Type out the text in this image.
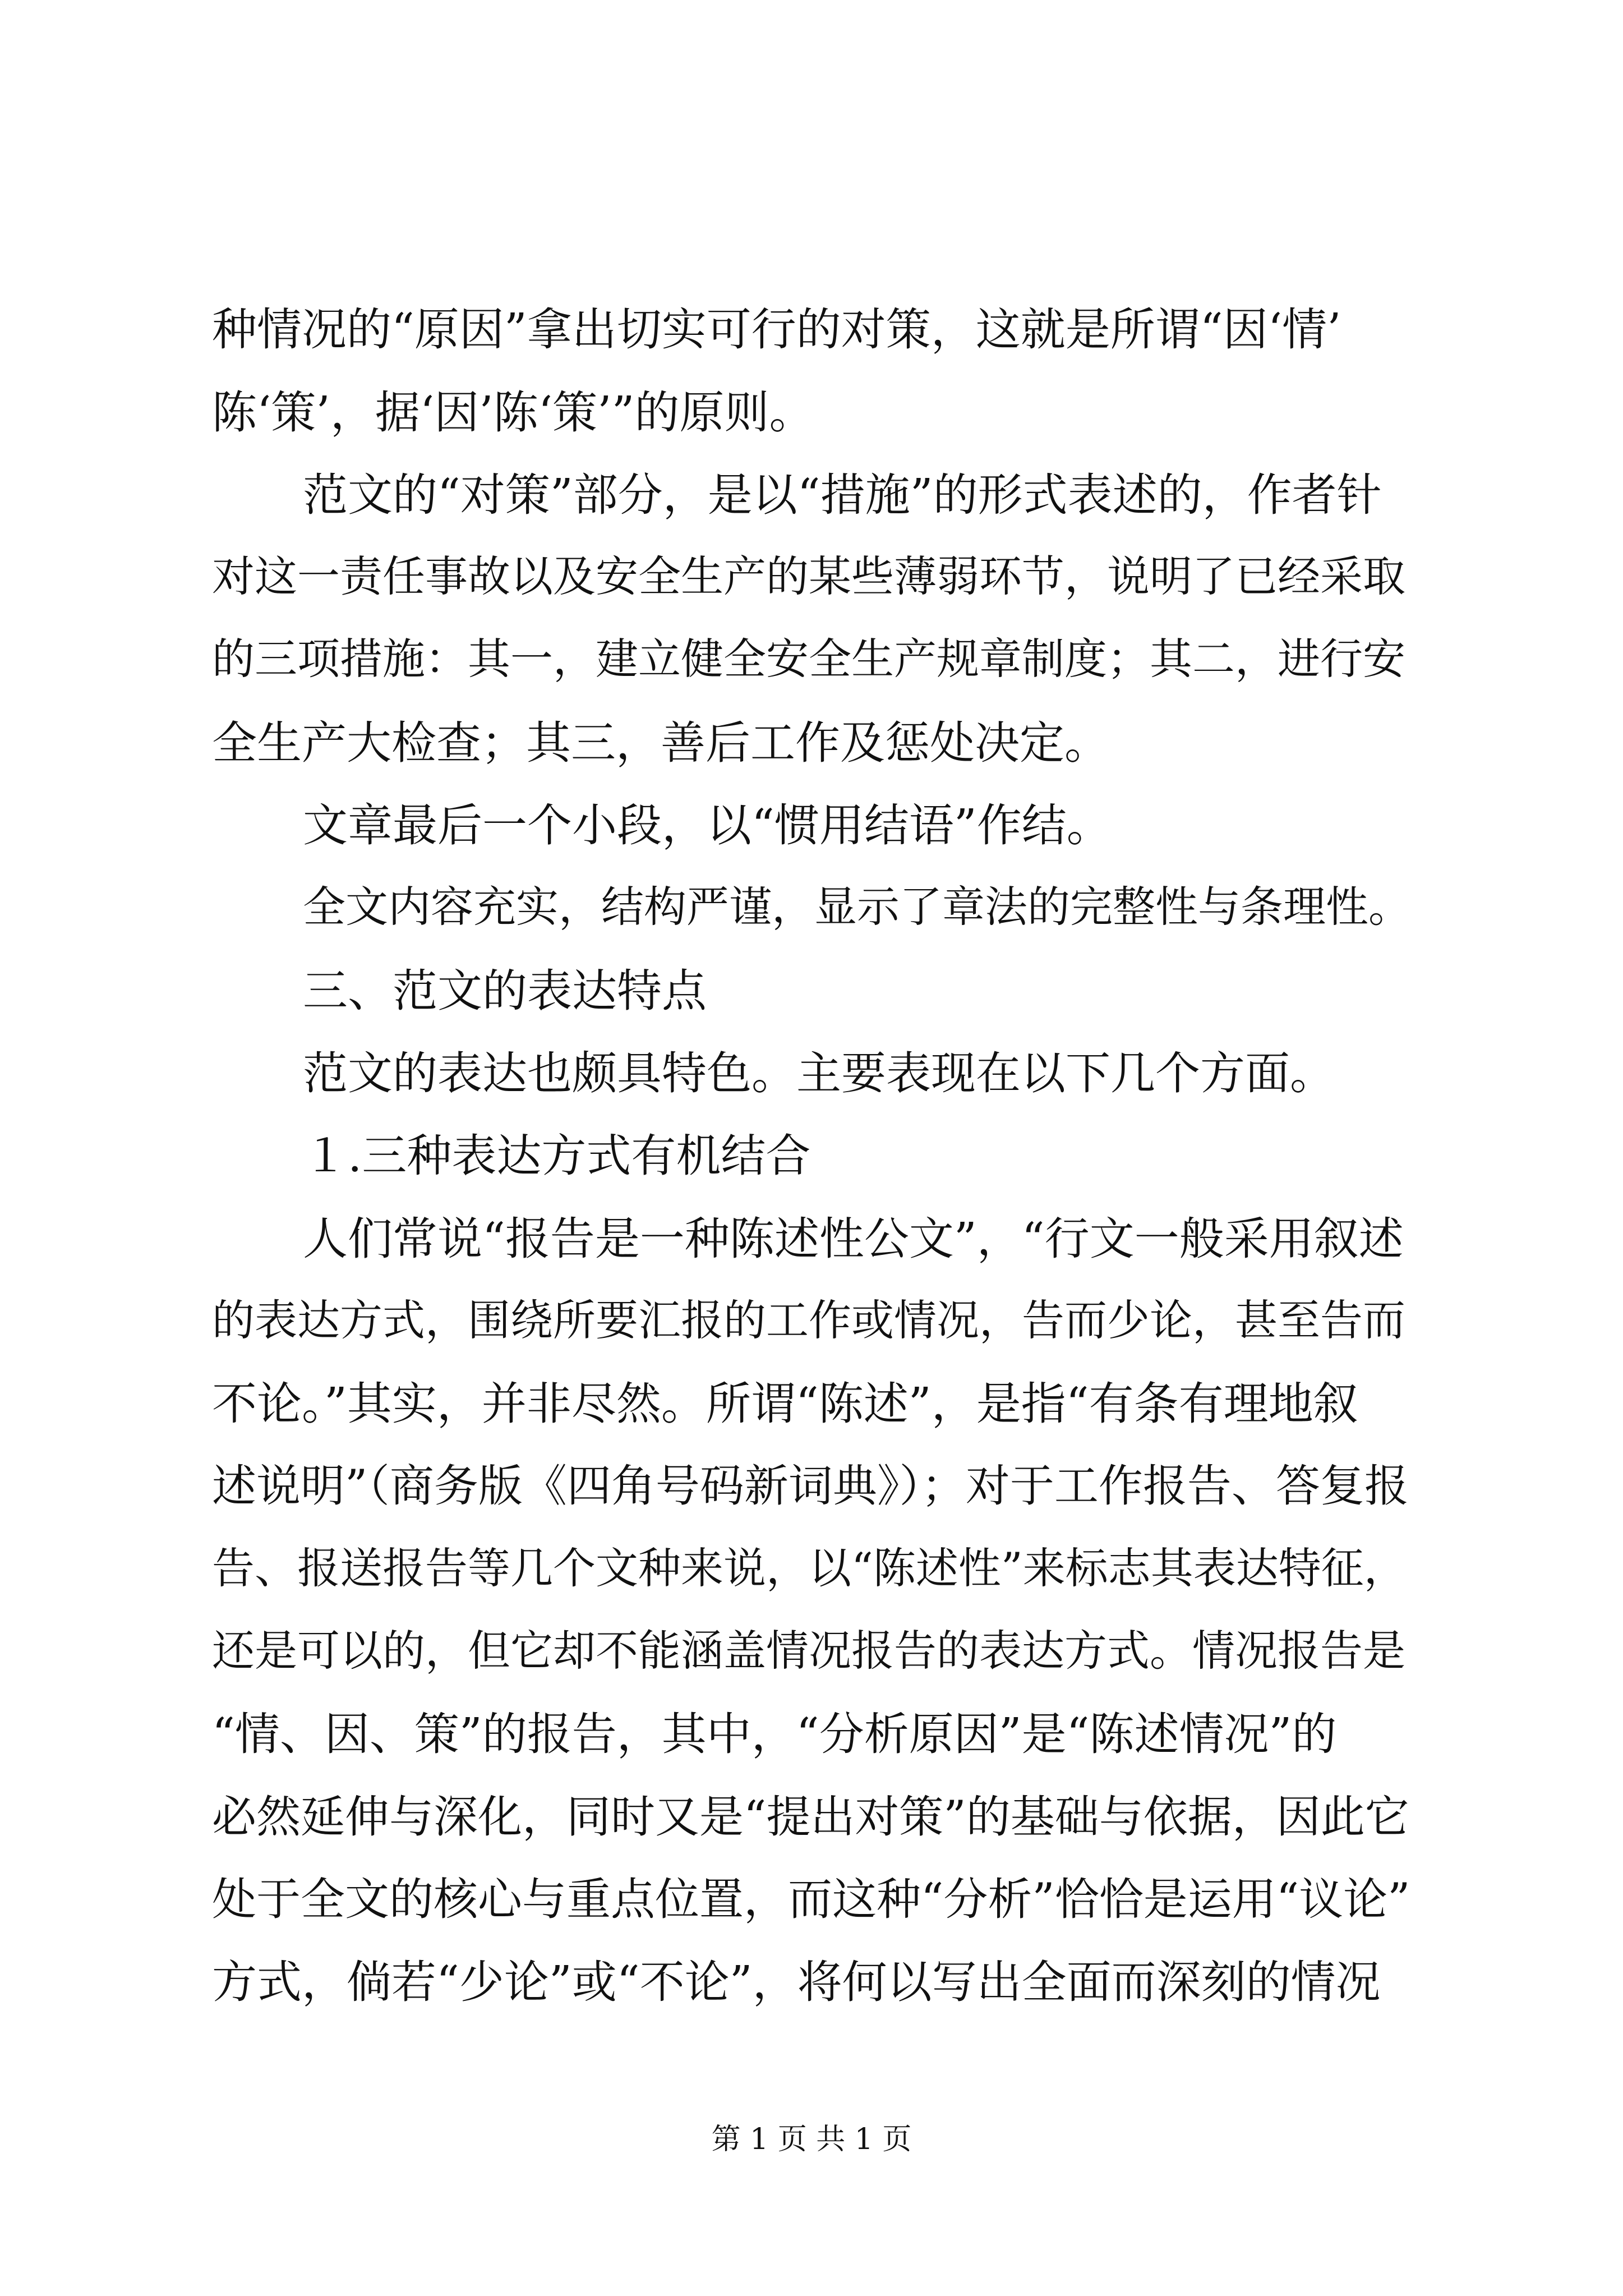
种情况的“原因”拿出切实可行的对策，这就是所谓“因‘情’

陈‘策’，据‘因’陈‘策’”的原则。

范文的“对策”部分，是以“措施”的形式表述的，作者针

对这一责任事故以及安全生产的某些薄弱环节，说明了已经采取

的三项措施：其一，建立健全安全生产规章制度；其二，进行安

全生产大检查；其三，善后工作及惩处决定。

文章最后一个小段，以“惯用结语”作结。

全文内容充实，结构严谨，显示了章法的完整性与条理性。

三、范文的表达特点

范文的表达也颇具特色。主要表现在以下几个方面。

１.三种表达方式有机结合

人们常说“报告是一种陈述性公文”，“行文一般采用叙述

的表达方式，围绕所要汇报的工作或情况，告而少论，甚至告而

不论。”其实，并非尽然。所谓“陈述”，是指“有条有理地叙

述说明”（商务版《四角号码新词典》）；对于工作报告、答复报

告、报送报告等几个文种来说，以“陈述性”来标志其表达特征，

还是可以的，但它却不能涵盖情况报告的表达方式。情况报告是

“情、因、策”的报告，其中，“分析原因”是“陈述情况”的

必然延伸与深化，同时又是“提出对策”的基础与依据，因此它

处于全文的核心与重点位置，而这种“分析”恰恰是运用“议论”

方式，倘若“少论”或“不论”，将何以写出全面而深刻的情况

第 1 页 共 1 页
